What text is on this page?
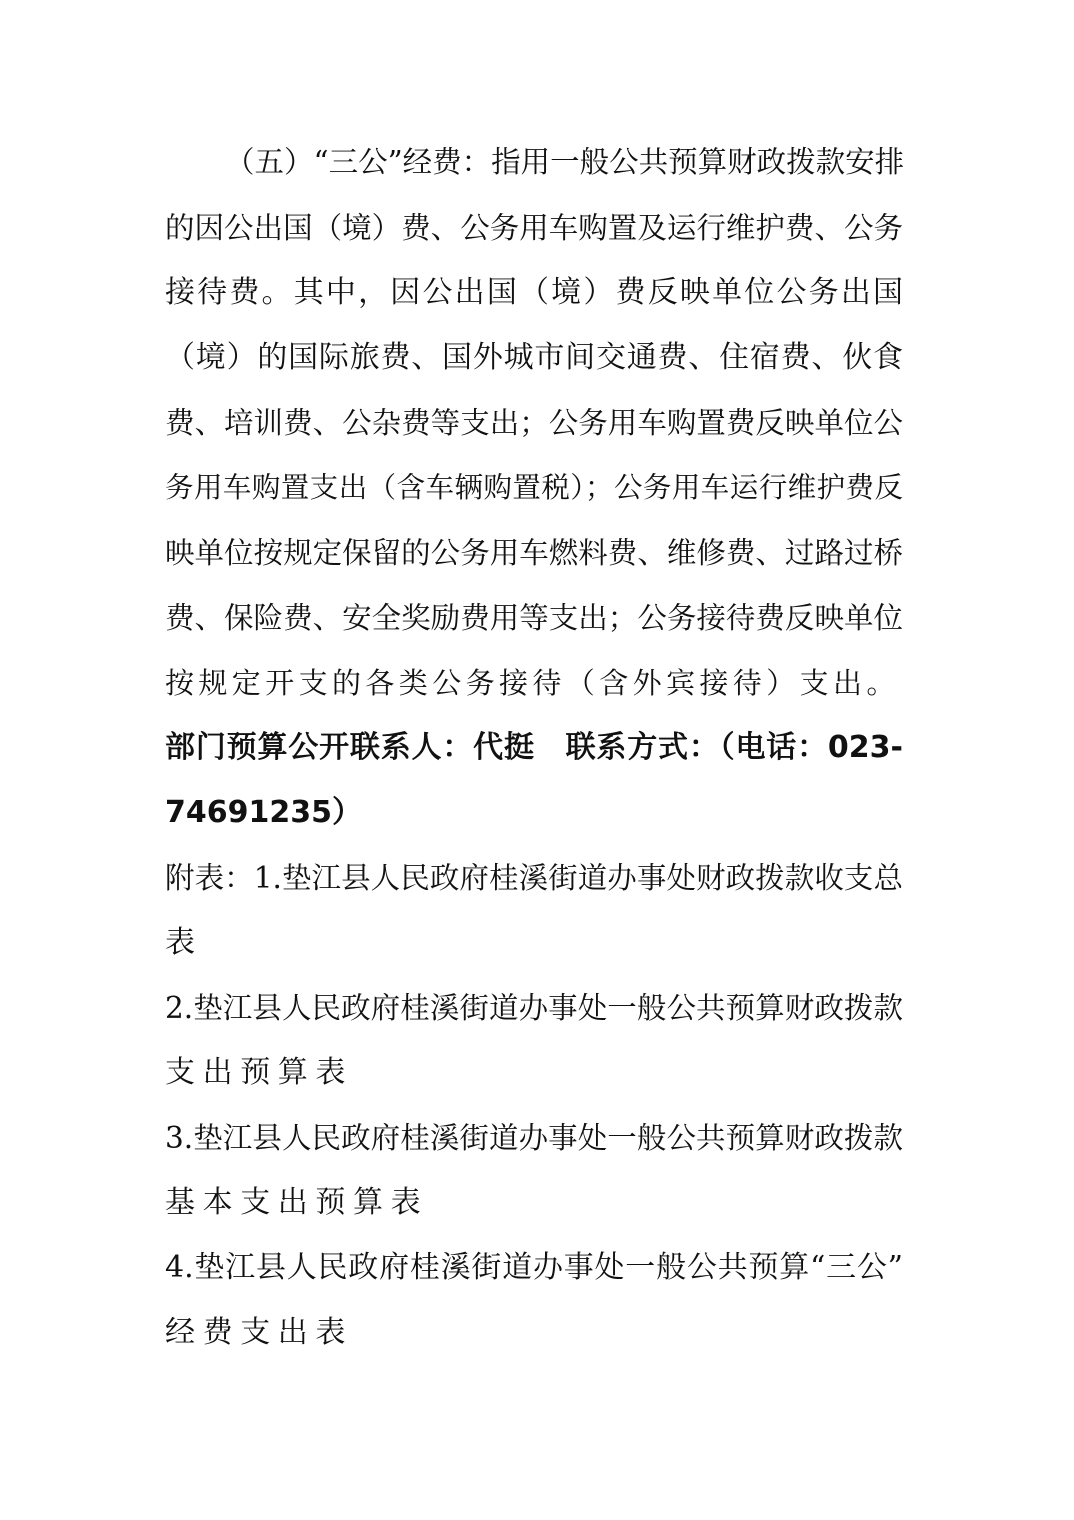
（五）“三公”经费：指用一般公共预算财政拨款安排
的因公出国（境）费、公务用车购置及运行维护费、公务
接待费。其中，因公出国（境）费反映单位公务出国
（境）的国际旅费、国外城市间交通费、住宿费、伙食
费、培训费、公杂费等支出；公务用车购置费反映单位公
务用车购置支出（含车辆购置税）；公务用车运行维护费反
映单位按规定保留的公务用车燃料费、维修费、过路过桥
费、保险费、安全奖励费用等支出；公务接待费反映单位
按规定开支的各类公务接待（含外宾接待）支出。
部门预算公开联系人：代挺　联系方式：（电话：023-
74691235）
附表：1.垫江县人民政府桂溪街道办事处财政拨款收支总
表
2.垫江县人民政府桂溪街道办事处一般公共预算财政拨款
支出预算表
3.垫江县人民政府桂溪街道办事处一般公共预算财政拨款
基本支出预算表
4.垫江县人民政府桂溪街道办事处一般公共预算“三公”
经费支出表
